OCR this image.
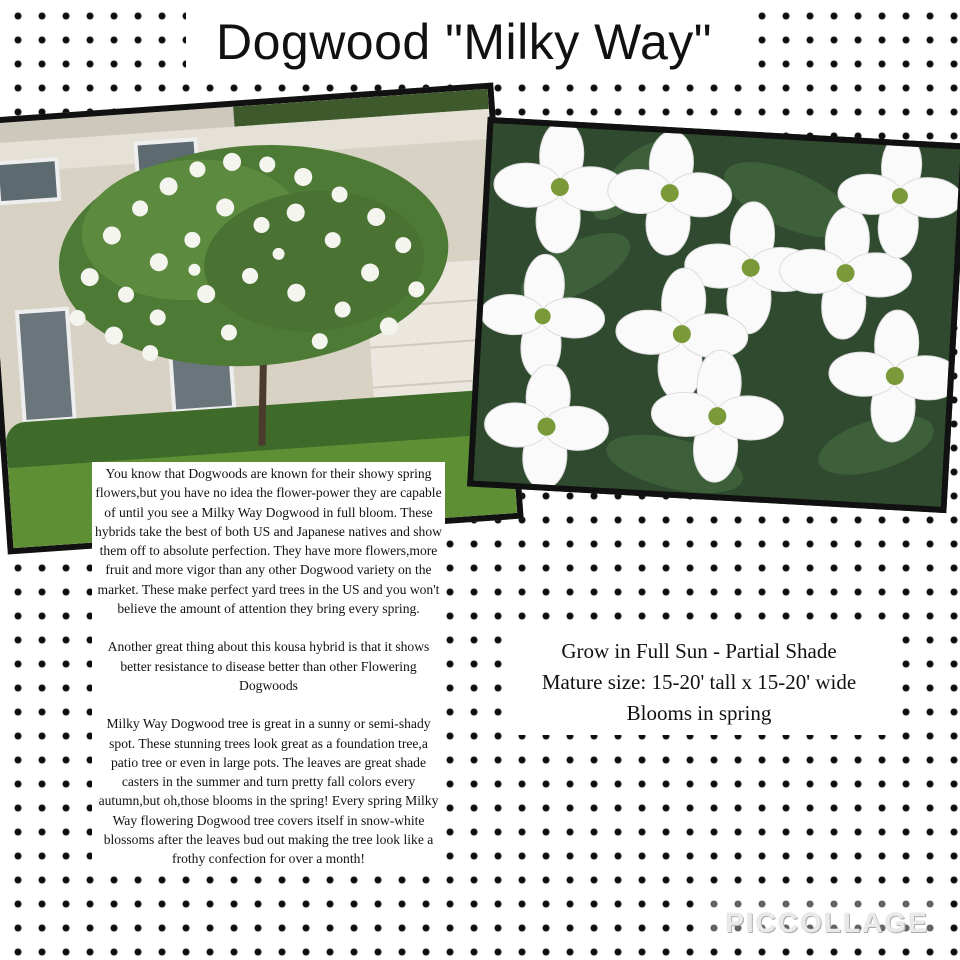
Dogwood "Milky Way"

You know that Dogwoods are known for their showy spring flowers,but you have no idea the flower-power they are capable of until you see a Milky Way Dogwood in full bloom. These hybrids take the best of both US and Japanese natives and show them off to absolute perfection. They have more flowers,more fruit and more vigor than any other Dogwood variety on the market. These make perfect yard trees in the US and you won't believe the amount of attention they bring every spring.

Another great thing about this kousa hybrid is that it shows better resistance to disease better than other Flowering Dogwoods

Milky Way Dogwood tree is great in a sunny or semi-shady spot. These stunning trees look great as a foundation tree,a patio tree or even in large pots. The leaves are great shade casters in the summer and turn pretty fall colors every autumn,but oh,those blooms in the spring! Every spring Milky Way flowering Dogwood tree covers itself in snow-white blossoms after the leaves bud out making the tree look like a frothy confection for over a month!

Grow in Full Sun - Partial Shade
Mature size: 15-20' tall x 15-20' wide
Blooms in spring
PICCOLLAGE
